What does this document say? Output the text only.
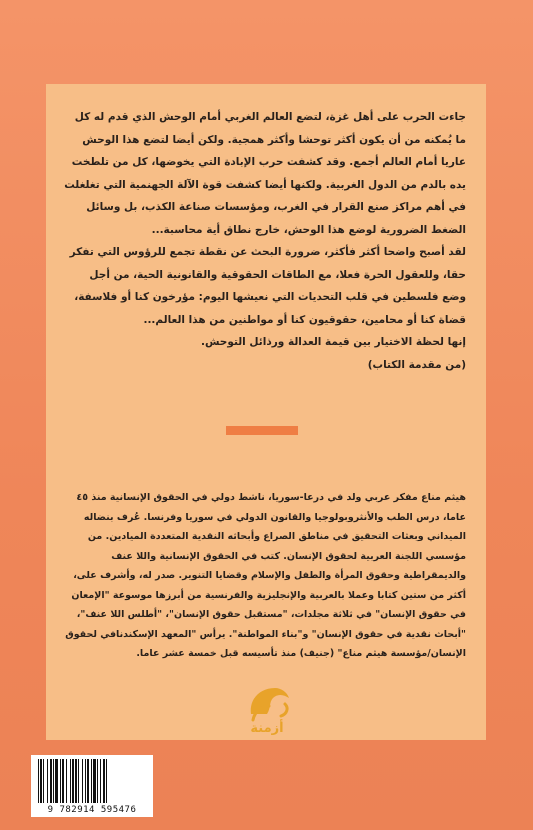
جاءت الحرب على أهل غزة، لتضع العالم الغربي أمام الوحش الذي قدم له كل ما يُمكنه من أن يكون أكثر توحشا وأكثر همجية. ولكن أيضا لتضع هذا الوحش عاريا أمام العالم أجمع. وقد كشفت حرب الإبادة التي يخوضها، كل من تلطخت يده بالدم من الدول الغربية. ولكنها أيضا كشفت قوة الآلة الجهنمية التي تغلغلت في أهم مراكز صنع القرار في الغرب، ومؤسسات صناعة الكذب، بل وسائل الضغط الضرورية لوضع هذا الوحش، خارج نطاق أية محاسبة...

لقد أصبح واضحا أكثر فأكثر، ضرورة البحث عن نقطة تجمع للرؤوس التي تفكر حقا، وللعقول الحرة فعلا، مع الطاقات الحقوقية والقانونية الحية، من أجل وضع فلسطين في قلب التحديات التي نعيشها اليوم: مؤرخون كنا أو فلاسفة، قضاة كنا أو محامين، حقوقيون كنا أو مواطنين من هذا العالم...

إنها لحظة الاختيار بين قيمة العدالة ورذائل التوحش.

(من مقدمة الكتاب)

هيثم مناع مفكر عربي ولد في درعا-سوريا، ناشط دولي في الحقوق الإنسانية منذ ٤٥ عاما، درس الطب والأنثروبولوجيا والقانون الدولي في سوريا وفرنسا. عُرف بنضاله الميداني وبعثات التحقيق في مناطق الصراع وأبحاثه النقدية المتعددة الميادين. من مؤسسي اللجنة العربية لحقوق الإنسان. كتب في الحقوق الإنسانية واللا عنف والديمقراطية وحقوق المرأة والطفل والإسلام وقضايا التنوير. صدر له، وأشرف على، أكثر من ستين كتابا وعملا بالعربية والإنجليزية والفرنسية من أبرزها موسوعة "الإمعان في حقوق الإنسان" في ثلاثة مجلدات، "مستقبل حقوق الإنسان"، "أطلس اللا عنف"، "أبحاث نقدية في حقوق الإنسان" و"بناء المواطنة". يرأس "المعهد الإسكندنافي لحقوق الإنسان/مؤسسة هيثم مناع" (جنيف) منذ تأسيسه قبل خمسة عشر عاما.

أزمنة
9 782914 595476
